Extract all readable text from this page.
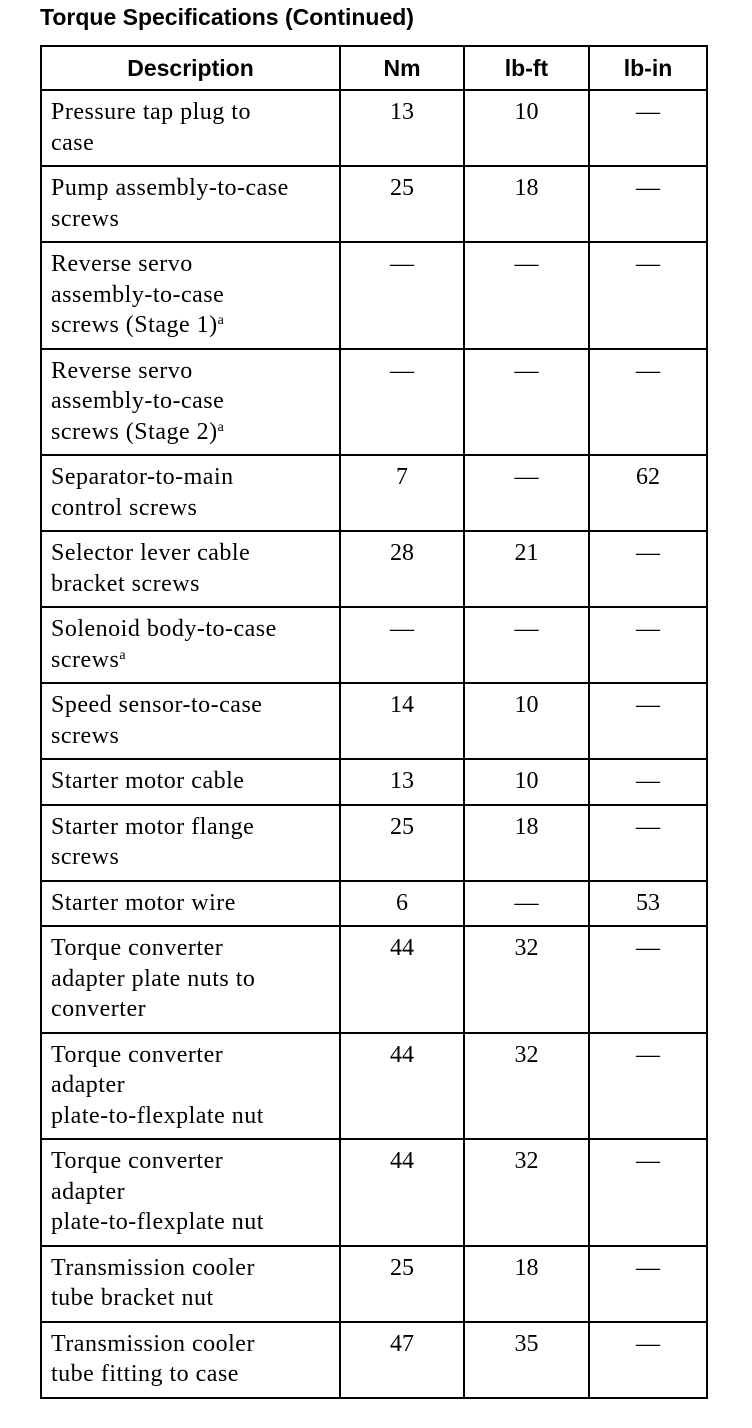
Torque Specifications (Continued)
Description	Nm	lb-ft	lb-in
Pressure tap plug to
case	13	10	—
Pump assembly-to-case
screws	25	18	—
Reverse servo
assembly-to-case
screws (Stage 1)$^a$	—	—	—
Reverse servo
assembly-to-case
screws (Stage 2)$^a$	—	—	—
Separator-to-main
control screws	7	—	62
Selector lever cable
bracket screws	28	21	—
Solenoid body-to-case
screws$^a$	—	—	—
Speed sensor-to-case
screws	14	10	—
Starter motor cable	13	10	—
Starter motor flange
screws	25	18	—
Starter motor wire	6	—	53
Torque converter
adapter plate nuts to
converter	44	32	—
Torque converter
adapter
plate-to-flexplate nut	44	32	—
Torque converter
adapter
plate-to-flexplate nut	44	32	—
Transmission cooler
tube bracket nut	25	18	—
Transmission cooler
tube fitting to case	47	35	—
